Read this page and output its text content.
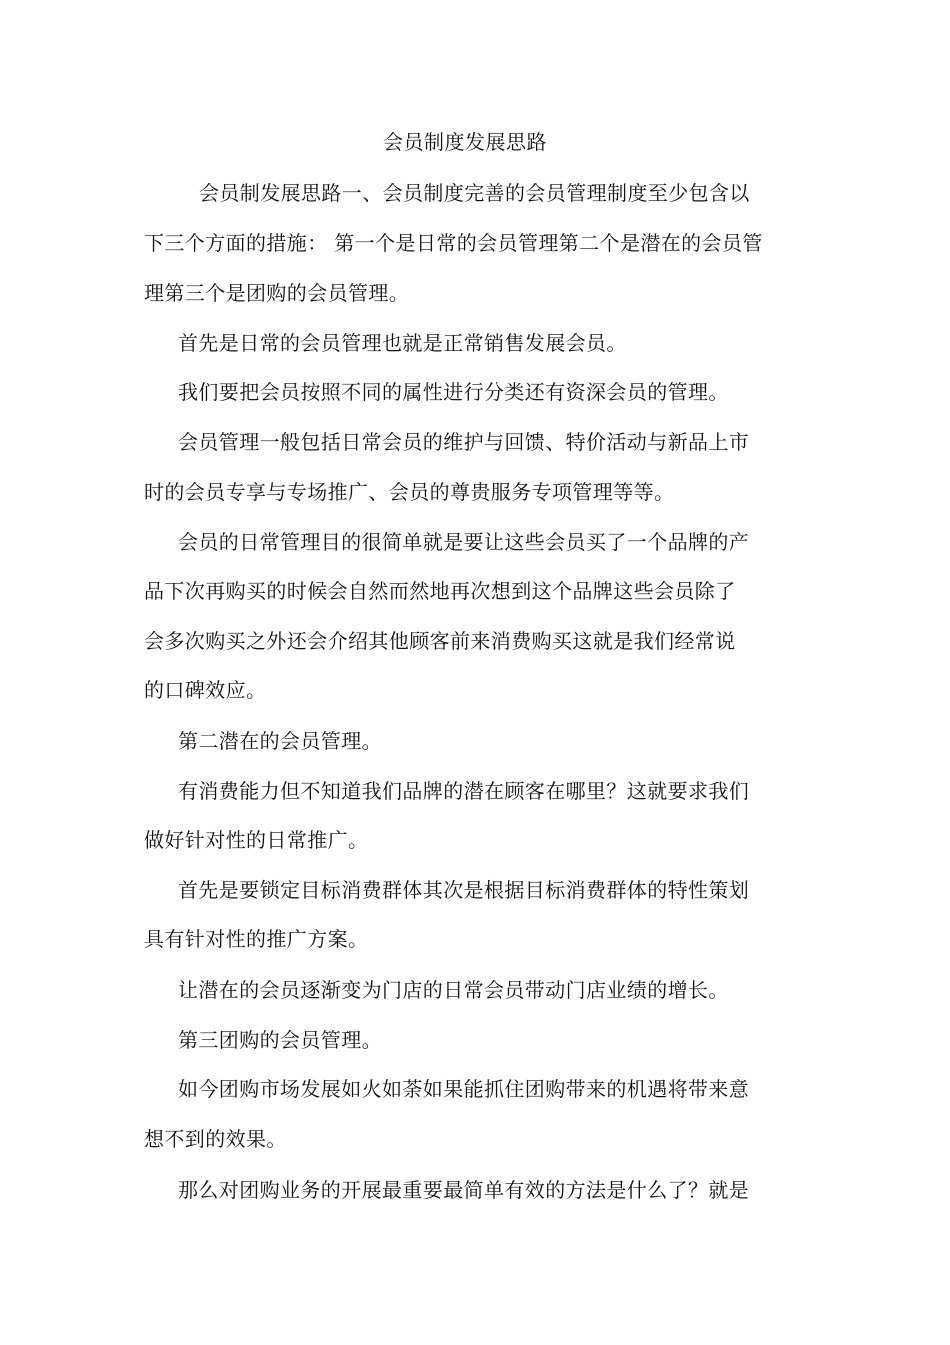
会员制度发展思路
会员制发展思路一、会员制度完善的会员管理制度至少包含以
下三个方面的措施： 第一个是日常的会员管理第二个是潜在的会员管
理第三个是团购的会员管理。
首先是日常的会员管理也就是正常销售发展会员。
我们要把会员按照不同的属性进行分类还有资深会员的管理。
会员管理一般包括日常会员的维护与回馈、特价活动与新品上市
时的会员专享与专场推广、会员的尊贵服务专项管理等等。
会员的日常管理目的很简单就是要让这些会员买了一个品牌的产
品下次再购买的时候会自然而然地再次想到这个品牌这些会员除了
会多次购买之外还会介绍其他顾客前来消费购买这就是我们经常说
的口碑效应。
第二潜在的会员管理。
有消费能力但不知道我们品牌的潜在顾客在哪里？这就要求我们
做好针对性的日常推广。
首先是要锁定目标消费群体其次是根据目标消费群体的特性策划
具有针对性的推广方案。
让潜在的会员逐渐变为门店的日常会员带动门店业绩的增长。
第三团购的会员管理。
如今团购市场发展如火如荼如果能抓住团购带来的机遇将带来意
想不到的效果。
那么对团购业务的开展最重要最简单有效的方法是什么了？就是
